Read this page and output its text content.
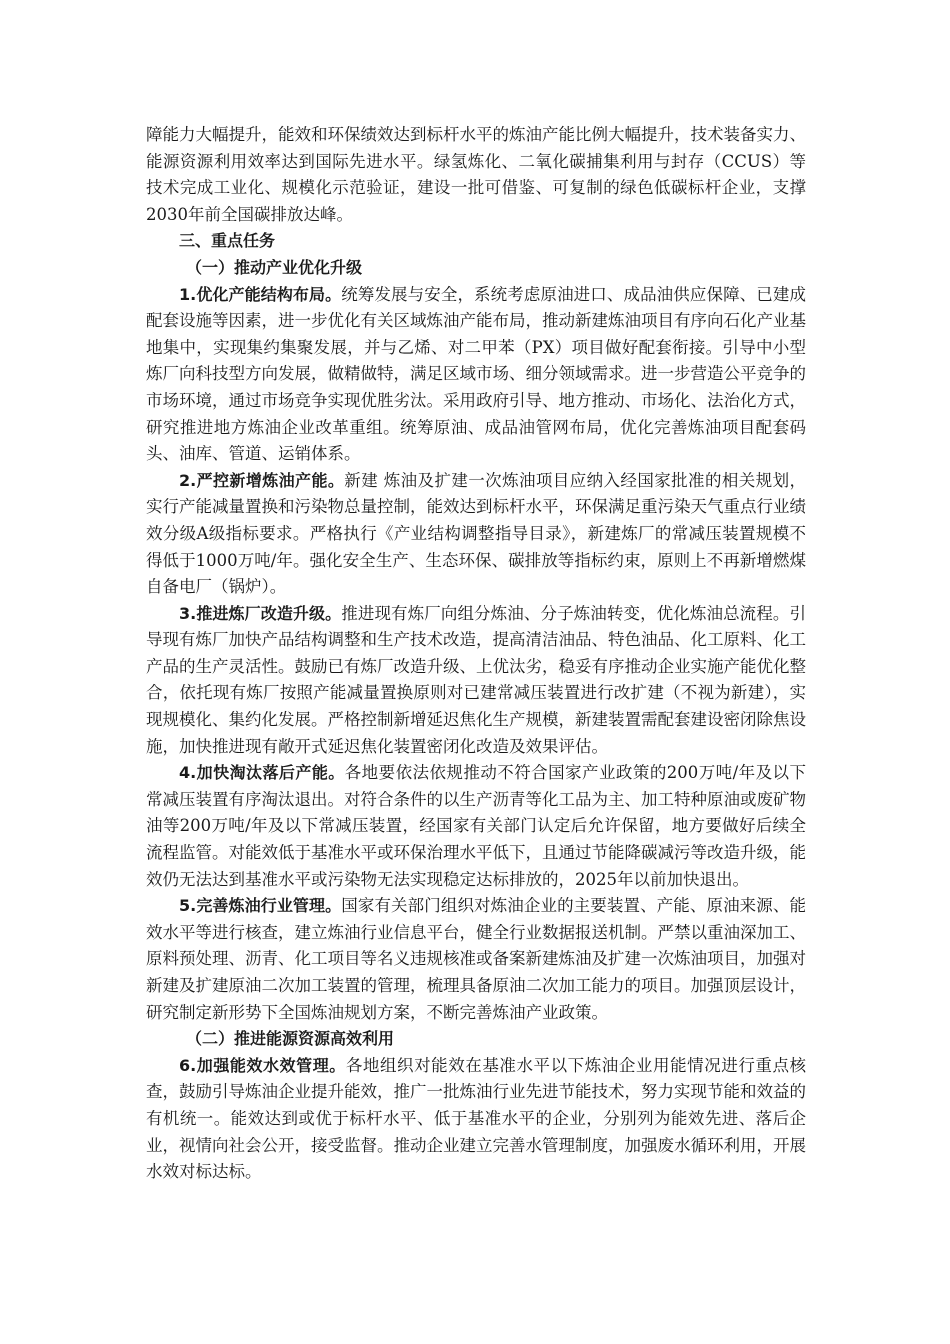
障能力大幅提升，能效和环保绩效达到标杆水平的炼油产能比例大幅提升，技术装备实力、能源资源利用效率达到国际先进水平。绿氢炼化、二氧化碳捕集利用与封存（CCUS）等技术完成工业化、规模化示范验证，建设一批可借鉴、可复制的绿色低碳标杆企业，支撑2030年前全国碳排放达峰。

三、重点任务

（一）推动产业优化升级

1.优化产能结构布局。统筹发展与安全，系统考虑原油进口、成品油供应保障、已建成配套设施等因素，进一步优化有关区域炼油产能布局，推动新建炼油项目有序向石化产业基地集中，实现集约集聚发展，并与乙烯、对二甲苯（PX）项目做好配套衔接。引导中小型炼厂向科技型方向发展，做精做特，满足区域市场、细分领域需求。进一步营造公平竞争的市场环境，通过市场竞争实现优胜劣汰。采用政府引导、地方推动、市场化、法治化方式，研究推进地方炼油企业改革重组。统筹原油、成品油管网布局，优化完善炼油项目配套码头、油库、管道、运销体系。

2.严控新增炼油产能。新建 炼油及扩建一次炼油项目应纳入经国家批准的相关规划，实行产能减量置换和污染物总量控制，能效达到标杆水平，环保满足重污染天气重点行业绩效分级A级指标要求。严格执行《产业结构调整指导目录》，新建炼厂的常减压装置规模不得低于1000万吨/年。强化安全生产、生态环保、碳排放等指标约束，原则上不再新增燃煤自备电厂（锅炉）。

3.推进炼厂改造升级。推进现有炼厂向组分炼油、分子炼油转变，优化炼油总流程。引导现有炼厂加快产品结构调整和生产技术改造，提高清洁油品、特色油品、化工原料、化工产品的生产灵活性。鼓励已有炼厂改造升级、上优汰劣，稳妥有序推动企业实施产能优化整合，依托现有炼厂按照产能减量置换原则对已建常减压装置进行改扩建（不视为新建），实现规模化、集约化发展。严格控制新增延迟焦化生产规模，新建装置需配套建设密闭除焦设施，加快推进现有敞开式延迟焦化装置密闭化改造及效果评估。

4.加快淘汰落后产能。各地要依法依规推动不符合国家产业政策的200万吨/年及以下常减压装置有序淘汰退出。对符合条件的以生产沥青等化工品为主、加工特种原油或废矿物油等200万吨/年及以下常减压装置，经国家有关部门认定后允许保留，地方要做好后续全流程监管。对能效低于基准水平或环保治理水平低下，且通过节能降碳减污等改造升级，能效仍无法达到基准水平或污染物无法实现稳定达标排放的，2025年以前加快退出。

5.完善炼油行业管理。国家有关部门组织对炼油企业的主要装置、产能、原油来源、能效水平等进行核查，建立炼油行业信息平台，健全行业数据报送机制。严禁以重油深加工、原料预处理、沥青、化工项目等名义违规核准或备案新建炼油及扩建一次炼油项目，加强对新建及扩建原油二次加工装置的管理，梳理具备原油二次加工能力的项目。加强顶层设计，研究制定新形势下全国炼油规划方案，不断完善炼油产业政策。

（二）推进能源资源高效利用

6.加强能效水效管理。各地组织对能效在基准水平以下炼油企业用能情况进行重点核查，鼓励引导炼油企业提升能效，推广一批炼油行业先进节能技术，努力实现节能和效益的有机统一。能效达到或优于标杆水平、低于基准水平的企业，分别列为能效先进、落后企业，视情向社会公开，接受监督。推动企业建立完善水管理制度，加强废水循环利用，开展水效对标达标。
